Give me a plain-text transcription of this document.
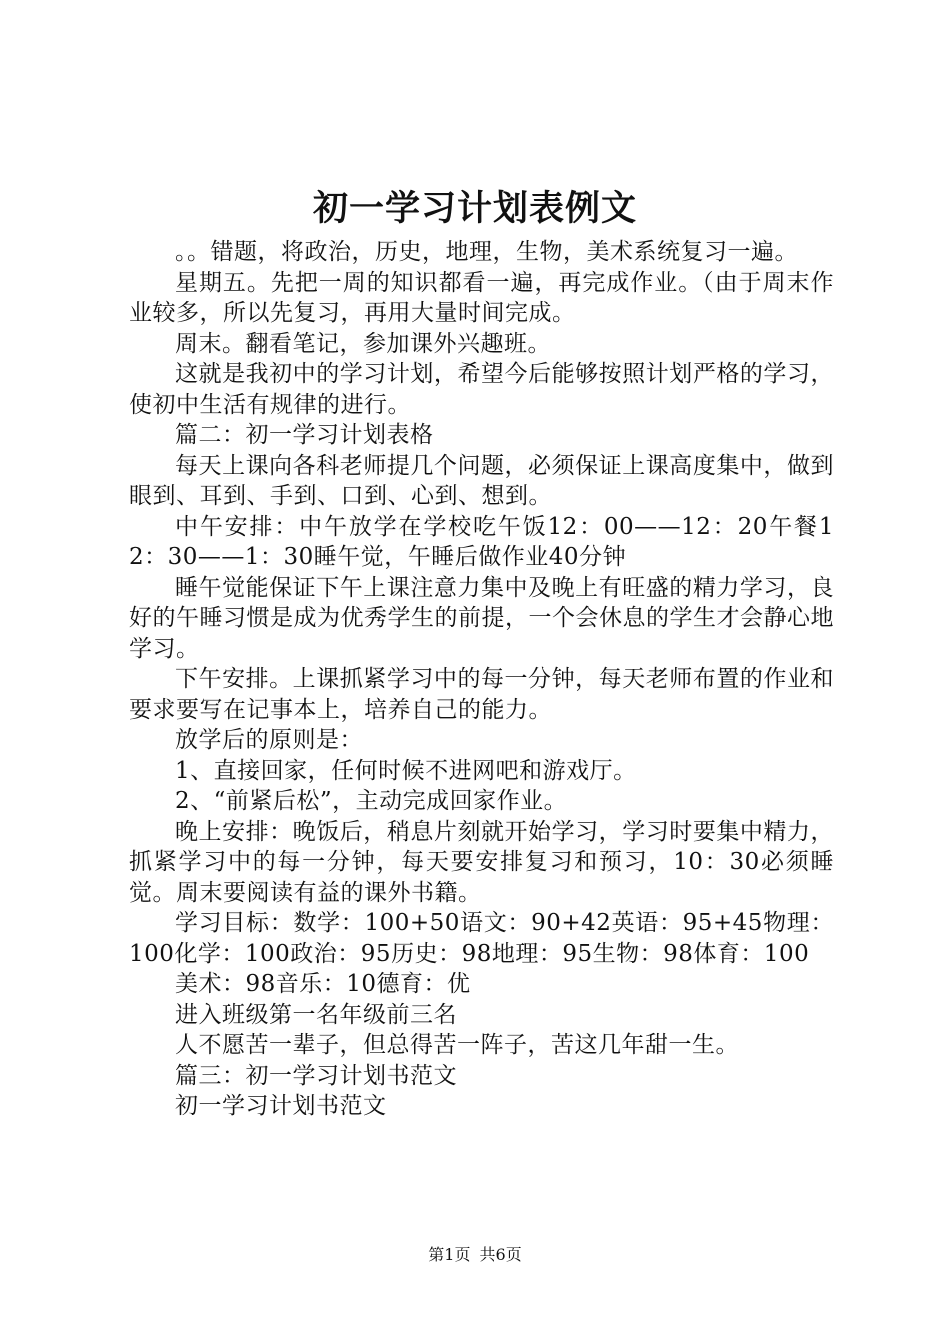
初一学习计划表例文

。。错题，将政治，历史，地理，生物，美术系统复习一遍。

星期五。先把一周的知识都看一遍，再完成作业。（由于周末作业较多，所以先复习，再用大量时间完成。

周末。翻看笔记，参加课外兴趣班。

这就是我初中的学习计划，希望今后能够按照计划严格的学习，使初中生活有规律的进行。

篇二：初一学习计划表格

每天上课向各科老师提几个问题，必须保证上课高度集中，做到眼到、耳到、手到、口到、心到、想到。

中午安排：中午放学在学校吃午饭12：00——12：20午餐12：30——1：30睡午觉，午睡后做作业40分钟

睡午觉能保证下午上课注意力集中及晚上有旺盛的精力学习，良好的午睡习惯是成为优秀学生的前提，一个会休息的学生才会静心地学习。

下午安排。上课抓紧学习中的每一分钟，每天老师布置的作业和要求要写在记事本上，培养自己的能力。

放学后的原则是：

1、直接回家，任何时候不进网吧和游戏厅。

2、“前紧后松”，主动完成回家作业。

晚上安排：晚饭后，稍息片刻就开始学习，学习时要集中精力，抓紧学习中的每一分钟，每天要安排复习和预习，10：30必须睡觉。周末要阅读有益的课外书籍。

学习目标：数学：100+50语文：90+42英语：95+45物理：100化学：100政治：95历史：98地理：95生物：98体育：100

美术：98音乐：10德育：优

进入班级第一名年级前三名

人不愿苦一辈子，但总得苦一阵子，苦这几年甜一生。

篇三：初一学习计划书范文

初一学习计划书范文

第1页 共6页
